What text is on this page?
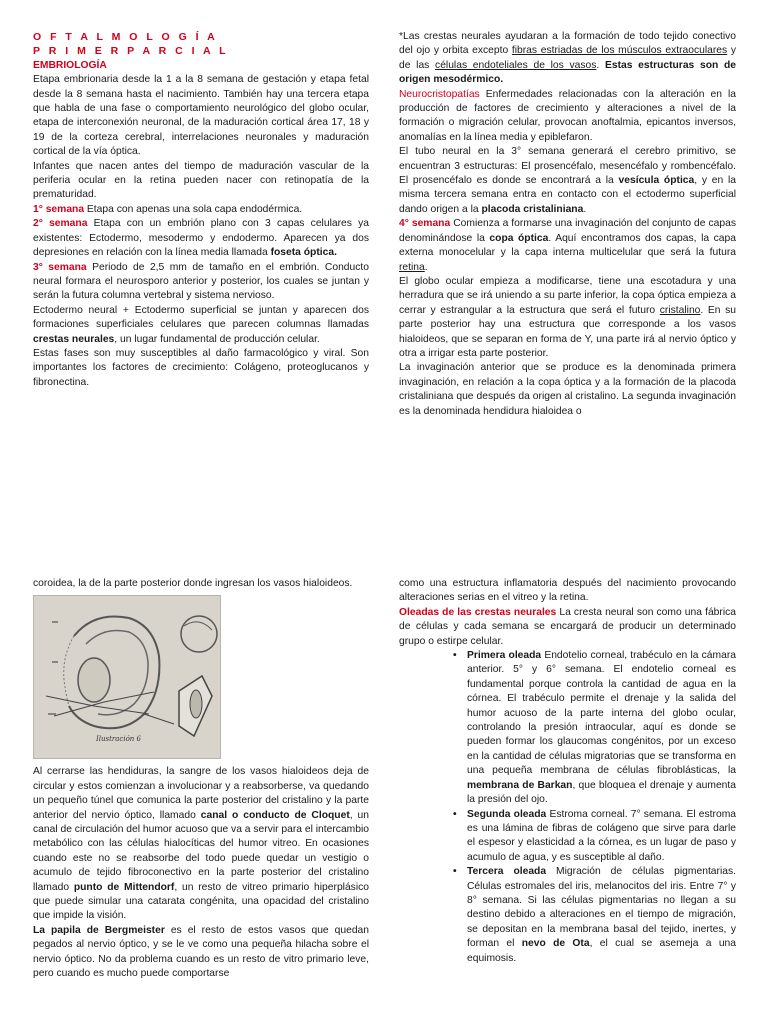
O F T A L M O L O G Í A
P R I M E R P A R C I A L
EMBRIOLOGÍA

Etapa embrionaria desde la 1 a la 8 semana de gestación y etapa fetal desde la 8 semana hasta el nacimiento. También hay una tercera etapa que habla de una fase o comportamiento neurológico del globo ocular, etapa de interconexión neuronal, de la maduración cortical área 17, 18 y 19 de la corteza cerebral, interrelaciones neuronales y maduración cortical de la vía óptica.

Infantes que nacen antes del tiempo de maduración vascular de la periferia ocular en la retina pueden nacer con retinopatía de la prematuridad.

1° semana Etapa con apenas una sola capa endodérmica.

2° semana Etapa con un embrión plano con 3 capas celulares ya existentes: Ectodermo, mesodermo y endodermo. Aparecen ya dos depresiones en relación con la línea media llamada foseta óptica.

3° semana Periodo de 2,5 mm de tamaño en el embrión. Conducto neural formara el neurosporo anterior y posterior, los cuales se juntan y serán la futura columna vertebral y sistema nervioso.

Ectodermo neural + Ectodermo superficial se juntan y aparecen dos formaciones superficiales celulares que parecen columnas llamadas crestas neurales, un lugar fundamental de producción celular.

Estas fases son muy susceptibles al daño farmacológico y viral. Son importantes los factores de crecimiento: Colágeno, proteoglucanos y fibronectina.

*Las crestas neurales ayudaran a la formación de todo tejido conectivo del ojo y orbita excepto fibras estriadas de los músculos extraoculares y de las células endoteliales de los vasos. Estas estructuras son de origen mesodérmico.

Neurocristopatías Enfermedades relacionadas con la alteración en la producción de factores de crecimiento y alteraciones a nivel de la formación o migración celular, provocan anoftalmia, epicantos inversos, anomalías en la línea media y epiblefaron.

El tubo neural en la 3° semana generará el cerebro primitivo, se encuentran 3 estructuras: El prosencéfalo, mesencéfalo y rombencéfalo. El prosencéfalo es donde se encontrará a la vesícula óptica, y en la misma tercera semana entra en contacto con el ectodermo superficial dando origen a la placoda cristaliniana.

4° semana Comienza a formarse una invaginación del conjunto de capas denominándose la copa óptica. Aquí encontramos dos capas, la capa externa monocelular y la capa interna multicelular que será la futura retina.

El globo ocular empieza a modificarse, tiene una escotadura y una herradura que se irá uniendo a su parte inferior, la copa óptica empieza a cerrar y estrangular a la estructura que será el futuro cristalino. En su parte posterior hay una estructura que corresponde a los vasos hialoideos, que se separan en forma de Y, una parte irá al nervio óptico y otra a irrigar esta parte posterior.

La invaginación anterior que se produce es la denominada primera invaginación, en relación a la copa óptica y a la formación de la placoda cristaliniana que después da origen al cristalino. La segunda invaginación es la denominada hendidura hialoidea o

coroidea, la de la parte posterior donde ingresan los vasos hialoideos.

Ilustración 6

Al cerrarse las hendiduras, la sangre de los vasos hialoideos deja de circular y estos comienzan a involucionar y a reabsorberse, va quedando un pequeño túnel que comunica la parte posterior del cristalino y la parte anterior del nervio óptico, llamado canal o conducto de Cloquet, un canal de circulación del humor acuoso que va a servir para el intercambio metabólico con las células hialocíticas del humor vitreo. En ocasiones cuando este no se reabsorbe del todo puede quedar un vestigio o acumulo de tejido fibroconectivo en la parte posterior del cristalino llamado punto de Mittendorf, un resto de vitreo primario hiperplásico que puede simular una catarata congénita, una opacidad del cristalino que impide la visión.

La papila de Bergmeister es el resto de estos vasos que quedan pegados al nervio óptico, y se le ve como una pequeña hilacha sobre el nervio óptico. No da problema cuando es un resto de vitro primario leve, pero cuando es mucho puede comportarse

como una estructura inflamatoria después del nacimiento provocando alteraciones serias en el vitreo y la retina.

Oleadas de las crestas neurales La cresta neural son como una fábrica de células y cada semana se encargará de producir un determinado grupo o estirpe celular.

• Primera oleada Endotelio corneal, trabéculo en la cámara anterior. 5° y 6° semana. El endotelio corneal es fundamental porque controla la cantidad de agua en la córnea. El trabéculo permite el drenaje y la salida del humor acuoso de la parte interna del globo ocular, controlando la presión intraocular, aquí es donde se pueden formar los glaucomas congénitos, por un exceso en la cantidad de células migratorias que se transforma en una pequeña membrana de células fibroblásticas, la membrana de Barkan, que bloquea el drenaje y aumenta la presión del ojo.
• Segunda oleada Estroma corneal. 7° semana. El estroma es una lámina de fibras de colágeno que sirve para darle el espesor y elasticidad a la córnea, es un lugar de paso y acumulo de agua, y es susceptible al daño.
• Tercera oleada Migración de células pigmentarias. Células estromales del iris, melanocitos del iris. Entre 7° y 8° semana. Si las células pigmentarias no llegan a su destino debido a alteraciones en el tiempo de migración, se depositan en la membrana basal del tejido, inertes, y forman el nevo de Ota, el cual se asemeja a una equimosis.
